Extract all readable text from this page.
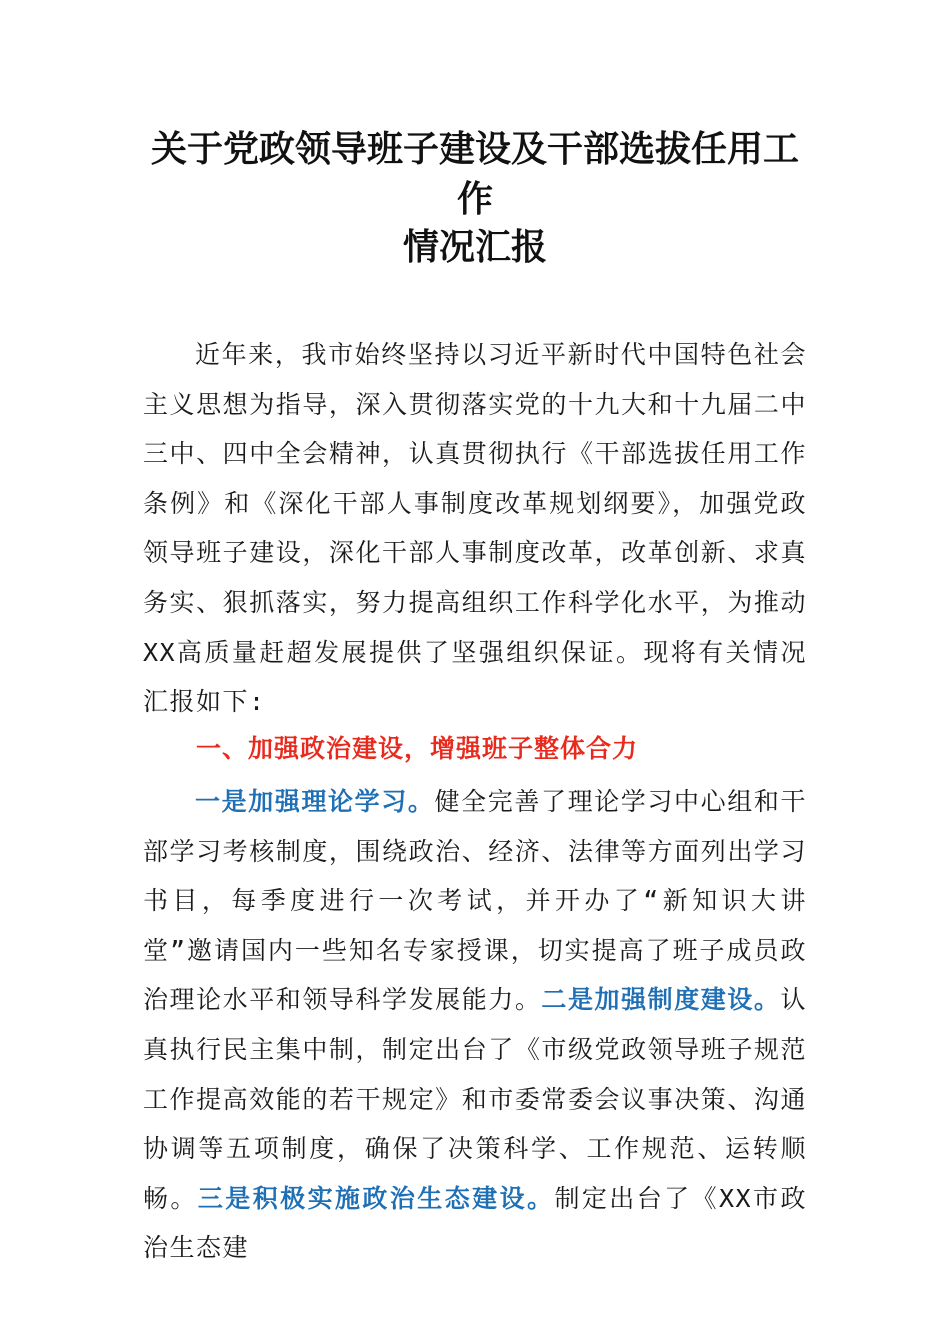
关于党政领导班子建设及干部选拔任用工
作
情况汇报

近年来，我市始终坚持以习近平新时代中国特色社会主义思想为指导，深入贯彻落实党的十九大和十九届二中三中、四中全会精神，认真贯彻执行《干部选拔任用工作条例》和《深化干部人事制度改革规划纲要》，加强党政领导班子建设，深化干部人事制度改革，改革创新、求真务实、狠抓落实，努力提高组织工作科学化水平，为推动XX高质量赶超发展提供了坚强组织保证。现将有关情况汇报如下:

一、加强政治建设，增强班子整体合力

一是加强理论学习。健全完善了理论学习中心组和干部学习考核制度，围绕政治、经济、法律等方面列出学习书目，每季度进行一次考试，并开办了“新知识大讲堂”邀请国内一些知名专家授课，切实提高了班子成员政治理论水平和领导科学发展能力。二是加强制度建设。认真执行民主集中制，制定出台了《市级党政领导班子规范工作提高效能的若干规定》和市委常委会议事决策、沟通协调等五项制度，确保了决策科学、工作规范、运转顺畅。三是积极实施政治生态建设。制定出台了《XX市政治生态建
